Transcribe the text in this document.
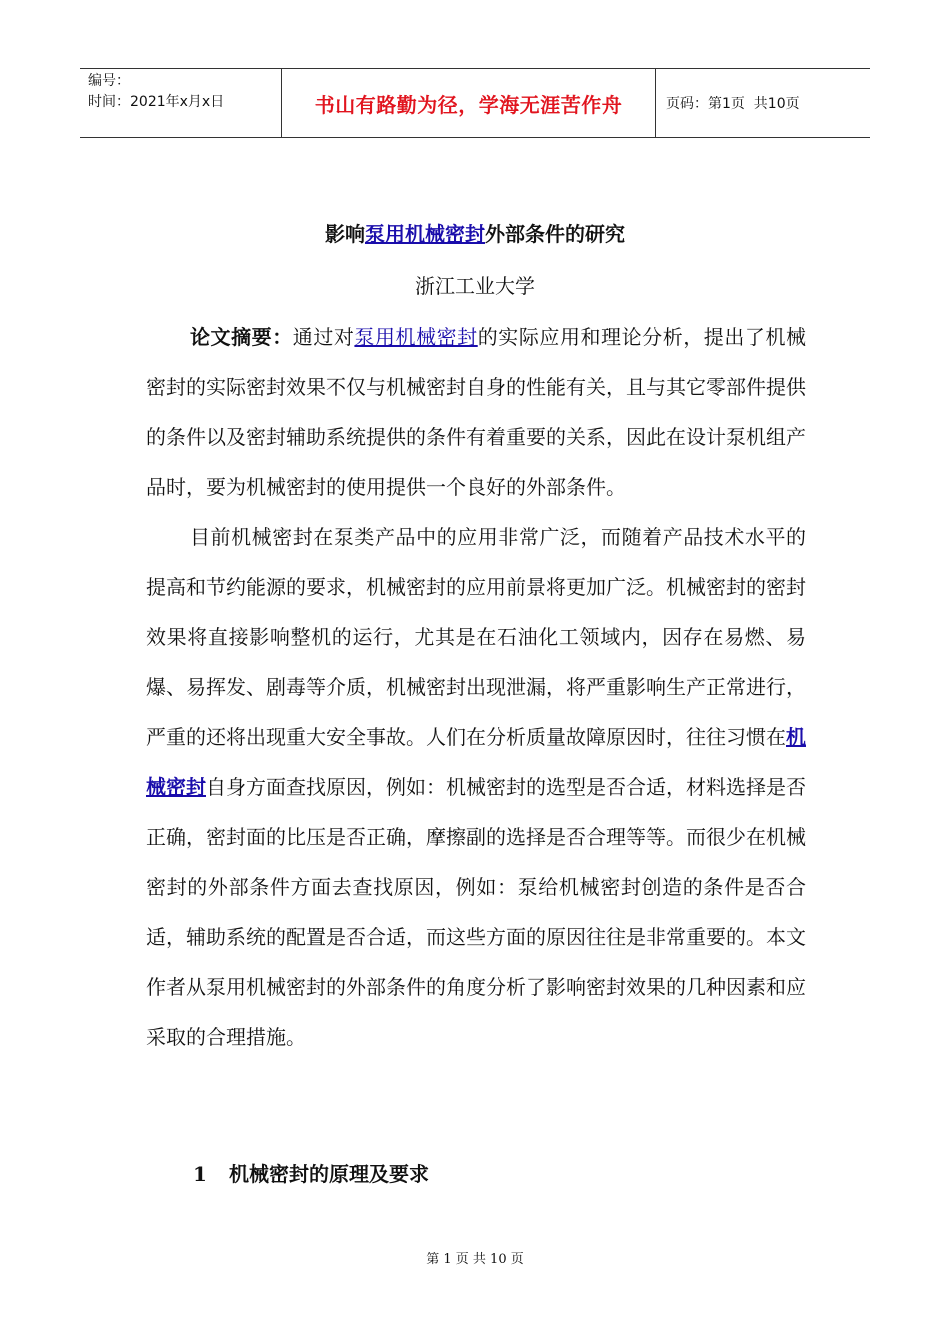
编号：
时间：2021年x月x日	书山有路勤为径，学海无涯苦作舟	页码：第1页  共10页
影响泵用机械密封外部条件的研究
浙江工业大学

论文摘要：通过对泵用机械密封的实际应用和理论分析，提出了机械密封的实际密封效果不仅与机械密封自身的性能有关，且与其它零部件提供的条件以及密封辅助系统提供的条件有着重要的关系，因此在设计泵机组产品时，要为机械密封的使用提供一个良好的外部条件。

目前机械密封在泵类产品中的应用非常广泛，而随着产品技术水平的提高和节约能源的要求，机械密封的应用前景将更加广泛。机械密封的密封效果将直接影响整机的运行，尤其是在石油化工领域内，因存在易燃、易爆、易挥发、剧毒等介质，机械密封出现泄漏，将严重影响生产正常进行，严重的还将出现重大安全事故。人们在分析质量故障原因时，往往习惯在机械密封自身方面查找原因，例如：机械密封的选型是否合适，材料选择是否正确，密封面的比压是否正确，摩擦副的选择是否合理等等。而很少在机械密封的外部条件方面去查找原因，例如：泵给机械密封创造的条件是否合适，辅助系统的配置是否合适，而这些方面的原因往往是非常重要的。本文作者从泵用机械密封的外部条件的角度分析了影响密封效果的几种因素和应采取的合理措施。

1 机械密封的原理及要求
第 1 页 共 10 页
